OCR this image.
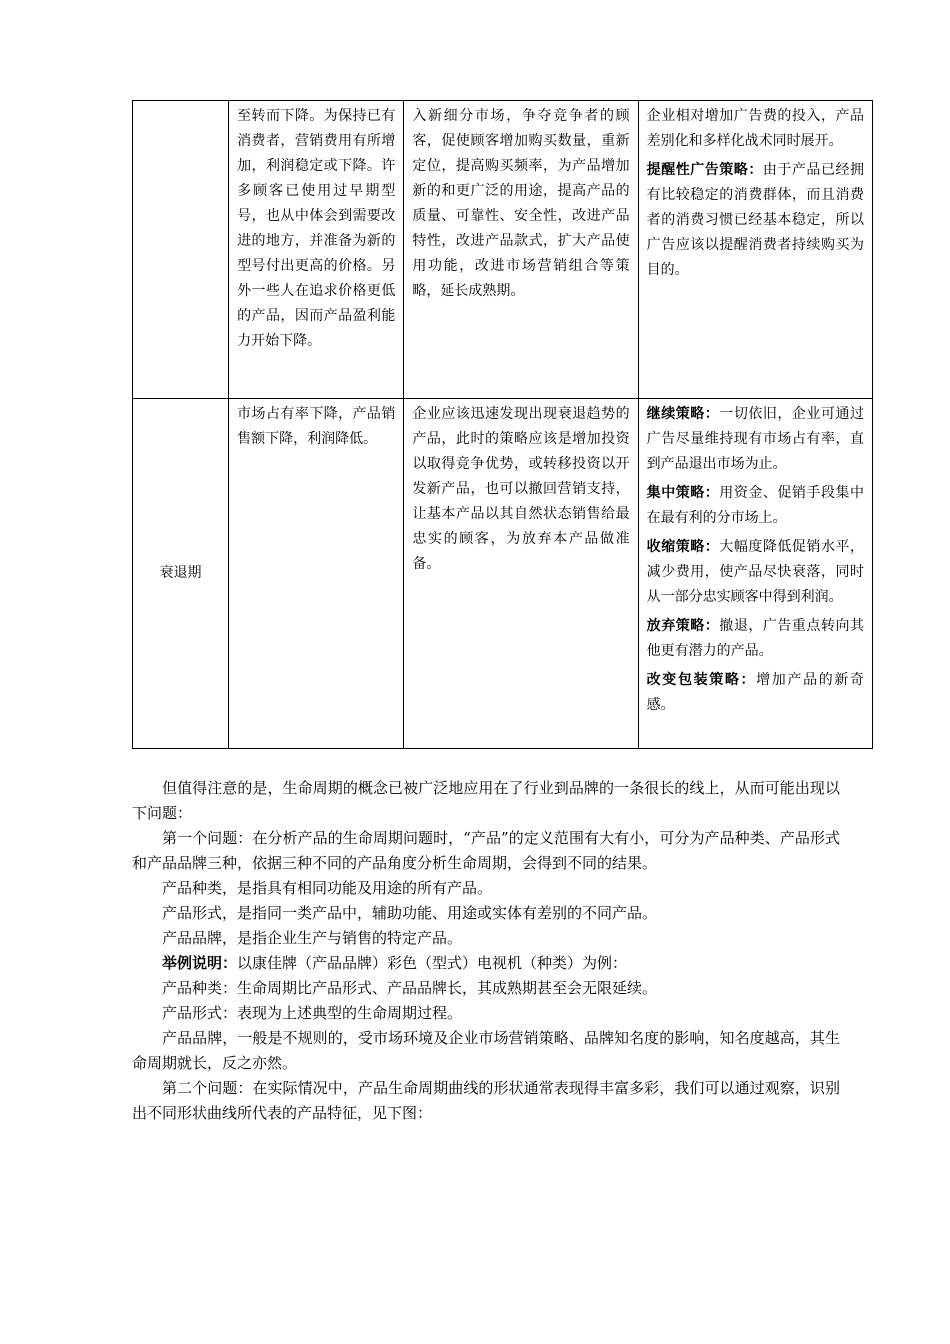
	至转而下降。为保持已有消费者，营销费用有所增加，利润稳定或下降。许多顾客已使用过早期型号，也从中体会到需要改进的地方，并准备为新的型号付出更高的价格。另外一些人在追求价格更低的产品，因而产品盈利能力开始下降。	入新细分市场，争夺竞争者的顾客，促使顾客增加购买数量，重新定位，提高购买频率，为产品增加新的和更广泛的用途，提高产品的质量、可靠性、安全性，改进产品特性，改进产品款式，扩大产品使用功能，改进市场营销组合等策略，延长成熟期。	企业相对增加广告费的投入，产品差别化和多样化战术同时展开。

提醒性广告策略：由于产品已经拥有比较稳定的消费群体，而且消费者的消费习惯已经基本稳定，所以广告应该以提醒消费者持续购买为目的。

衰退期	市场占有率下降，产品销售额下降，利润降低。	企业应该迅速发现出现衰退趋势的产品，此时的策略应该是增加投资以取得竞争优势，或转移投资以开发新产品，也可以撤回营销支持，让基本产品以其自然状态销售给最忠实的顾客，为放弃本产品做准备。	继续策略：一切依旧，企业可通过广告尽量维持现有市场占有率，直到产品退出市场为止。

集中策略：用资金、促销手段集中在最有利的分市场上。

收缩策略：大幅度降低促销水平，减少费用，使产品尽快衰落，同时从一部分忠实顾客中得到利润。

放弃策略：撤退，广告重点转向其他更有潜力的产品。

改变包装策略：增加产品的新奇感。

但值得注意的是，生命周期的概念已被广泛地应用在了行业到品牌的一条很长的线上，从而可能出现以下问题：

第一个问题：在分析产品的生命周期问题时，“产品”的定义范围有大有小，可分为产品种类、产品形式和产品品牌三种，依据三种不同的产品角度分析生命周期，会得到不同的结果。

产品种类，是指具有相同功能及用途的所有产品。

产品形式，是指同一类产品中，辅助功能、用途或实体有差别的不同产品。

产品品牌，是指企业生产与销售的特定产品。

举例说明：以康佳牌（产品品牌）彩色（型式）电视机（种类）为例：

产品种类：生命周期比产品形式、产品品牌长，其成熟期甚至会无限延续。

产品形式：表现为上述典型的生命周期过程。

产品品牌，一般是不规则的，受市场环境及企业市场营销策略、品牌知名度的影响，知名度越高，其生命周期就长，反之亦然。

第二个问题：在实际情况中，产品生命周期曲线的形状通常表现得丰富多彩，我们可以通过观察，识别出不同形状曲线所代表的产品特征，见下图：
